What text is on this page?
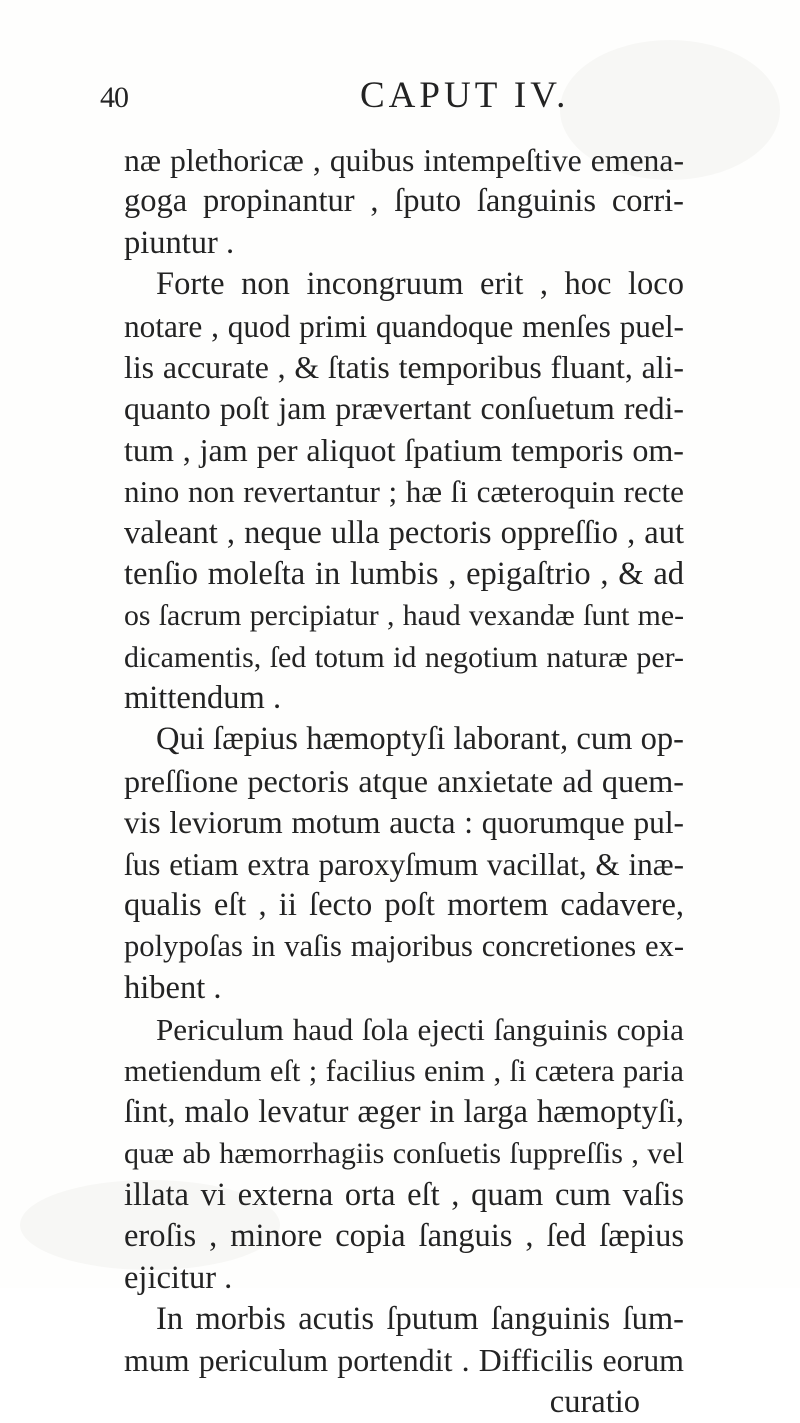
40	CAPUT IV.
næ plethoricæ , quibus intempeſtive emena-
goga propinantur , ſputo ſanguinis corri-
piuntur .
Forte non incongruum erit , hoc loco
notare , quod primi quandoque menſes puel-
lis accurate , & ſtatis temporibus fluant, ali-
quanto poſt jam prævertant conſuetum redi-
tum , jam per aliquot ſpatium temporis om-
nino non revertantur ; hæ ſi cæteroquin recte
valeant , neque ulla pectoris oppreſſio , aut
tenſio moleſta in lumbis , epigaſtrio , & ad
os ſacrum percipiatur , haud vexandæ ſunt me-
dicamentis, ſed totum id negotium naturæ per-
mittendum .
Qui ſæpius hæmoptyſi laborant, cum op-
preſſione pectoris atque anxietate ad quem-
vis leviorum motum aucta : quorumque pul-
ſus etiam extra paroxyſmum vacillat, & inæ-
qualis eſt , ii ſecto poſt mortem cadavere,
polypoſas in vaſis majoribus concretiones ex-
hibent .
Periculum haud ſola ejecti ſanguinis copia
metiendum eſt ; facilius enim , ſi cætera paria
ſint, malo levatur æger in larga hæmoptyſi,
quæ ab hæmorrhagiis conſuetis ſuppreſſis , vel
illata vi externa orta eſt , quam cum vaſis
eroſis , minore copia ſanguis , ſed ſæpius
ejicitur .
In morbis acutis ſputum ſanguinis ſum-
mum periculum portendit . Difficilis eorum
curatio
